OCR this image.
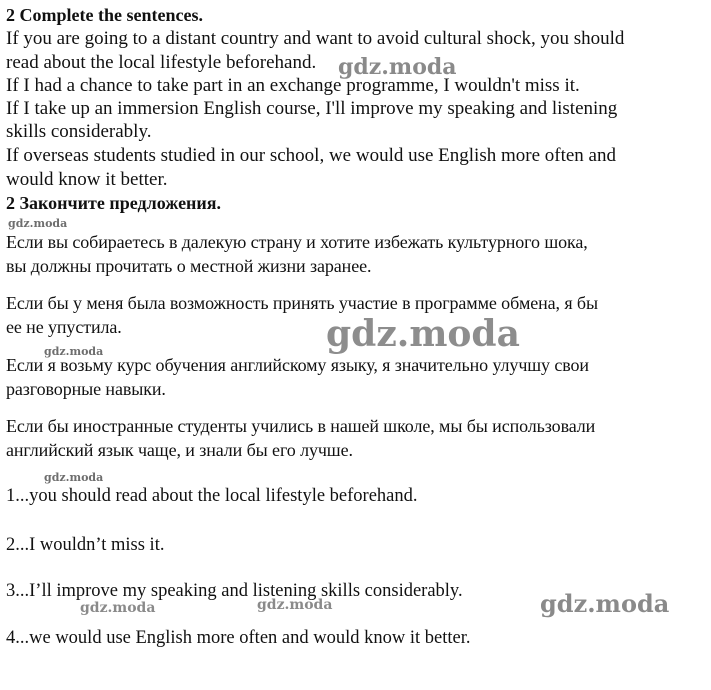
2 Complete the sentences.
If you are going to a distant country and want to avoid cultural shock, you should
read about the local lifestyle beforehand.
If I had a chance to take part in an exchange programme, I wouldn't miss it.
If I take up an immersion English course, I'll improve my speaking and listening
skills considerably.
If overseas students studied in our school, we would use English more often and
would know it better.
2 Закончите предложения.
Если вы собираетесь в далекую страну и хотите избежать культурного шока,
вы должны прочитать о местной жизни заранее.
Если бы у меня была возможность принять участие в программе обмена, я бы
ее не упустила.
Если я возьму курс обучения английскому языку, я значительно улучшу свои
разговорные навыки.
Если бы иностранные студенты учились в нашей школе, мы бы использовали
английский язык чаще, и знали бы его лучше.
1...you should read about the local lifestyle beforehand.
2...I wouldn’t miss it.
3...I’ll improve my speaking and listening skills considerably.
4...we would use English more often and would know it better.
gdz.moda
gdz.moda
gdz.moda
gdz.moda
gdz.moda
gdz.moda	gdz.moda	gdz.moda
